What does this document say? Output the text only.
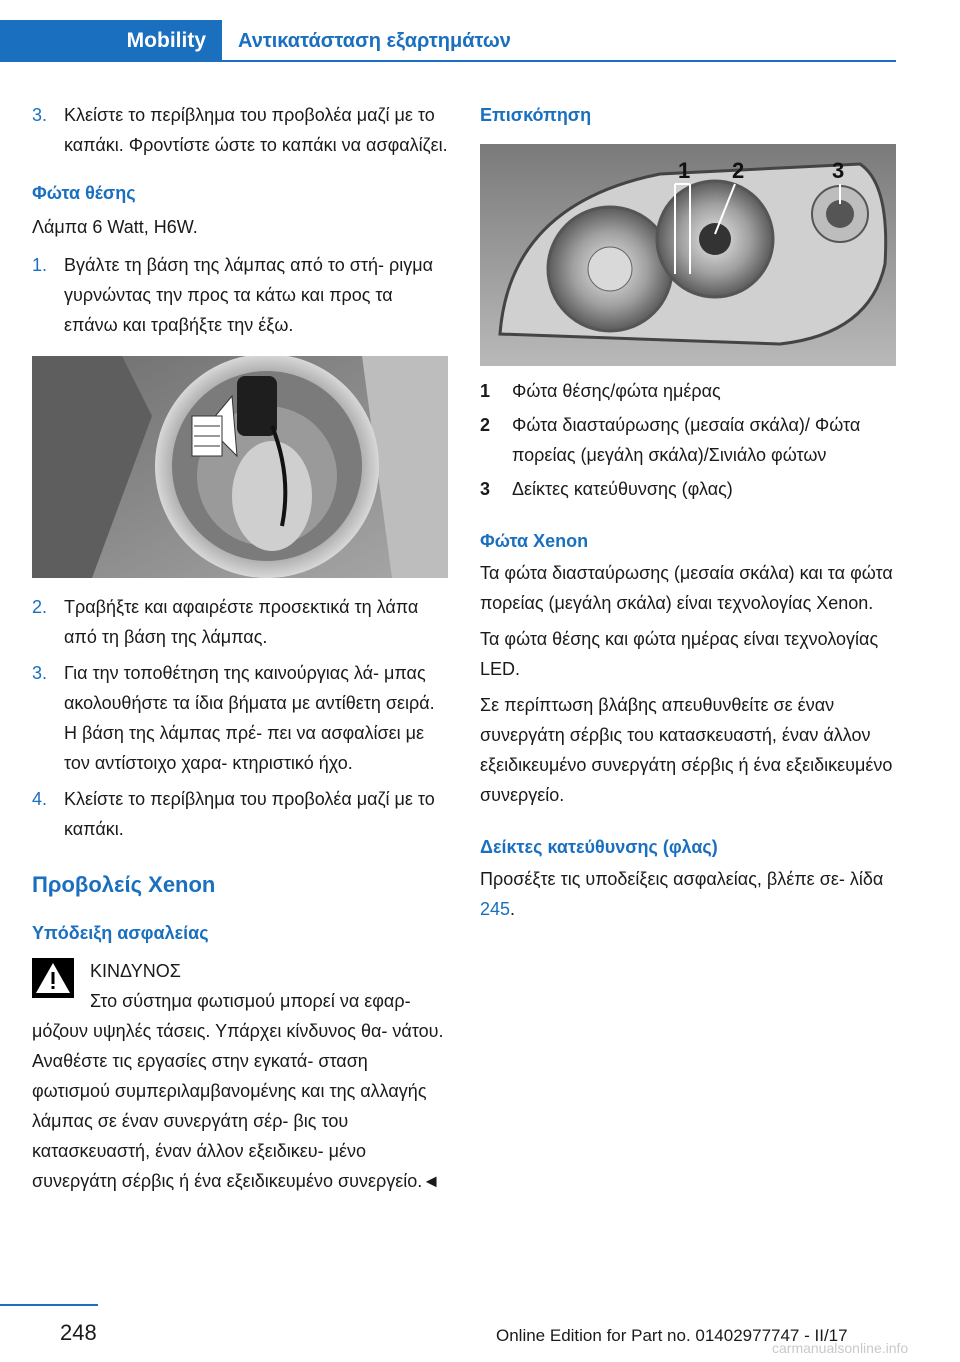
Mobility	Αντικατάσταση εξαρτημάτων
3. Κλείστε το περίβλημα του προβολέα μαζί με το καπάκι. Φροντίστε ώστε το καπάκι να ασφαλίζει.
Φώτα θέσης
Λάμπα 6 Watt, H6W.
1. Βγάλτε τη βάση της λάμπας από το στή‐ ριγμα γυρνώντας την προς τα κάτω και προς τα επάνω και τραβήξτε την έξω.
2. Τραβήξτε και αφαιρέστε προσεκτικά τη λάπα από τη βάση της λάμπας.
3. Για την τοποθέτηση της καινούργιας λά‐ μπας ακολουθήστε τα ίδια βήματα με αντίθετη σειρά. Η βάση της λάμπας πρέ‐ πει να ασφαλίσει με τον αντίστοιχο χαρα‐ κτηριστικό ήχο.
4. Κλείστε το περίβλημα του προβολέα μαζί με το καπάκι.
Προβολείς Xenon
Υπόδειξη ασφαλείας
ΚΙΝΔΥΝΟΣ
Στο σύστημα φωτισμού μπορεί να εφαρ‐
μόζουν υψηλές τάσεις. Υπάρχει κίνδυνος θα‐ νάτου. Αναθέστε τις εργασίες στην εγκατά‐ σταση φωτισμού συμπεριλαμβανομένης και της αλλαγής λάμπας σε έναν συνεργάτη σέρ‐ βις του κατασκευαστή, έναν άλλον εξειδικευ‐ μένο συνεργάτη σέρβις ή ένα εξειδικευμένο συνεργείο.◄
Επισκόπηση
1 2	3
1	Φώτα θέσης/φώτα ημέρας
2	Φώτα διασταύρωσης (μεσαία σκάλα)/ Φώτα πορείας (μεγάλη σκάλα)/Σινιάλο φώτων
3	Δείκτες κατεύθυνσης (φλας)
Φώτα Xenon
Τα φώτα διασταύρωσης (μεσαία σκάλα) και τα φώτα πορείας (μεγάλη σκάλα) είναι τεχνολογίας Xenon.
Τα φώτα θέσης και φώτα ημέρας είναι τεχνολογίας LED.
Σε περίπτωση βλάβης απευθυνθείτε σε έναν συνεργάτη σέρβις του κατασκευαστή, έναν άλλον εξειδικευμένο συνεργάτη σέρβις ή ένα εξειδικευμένο συνεργείο.
Δείκτες κατεύθυνσης (φλας)
Προσέξτε τις υποδείξεις ασφαλείας, βλέπε σε‐ λίδα 245.
248	Online Edition for Part no. 01402977747 - II/17
carmanualsonline.info
